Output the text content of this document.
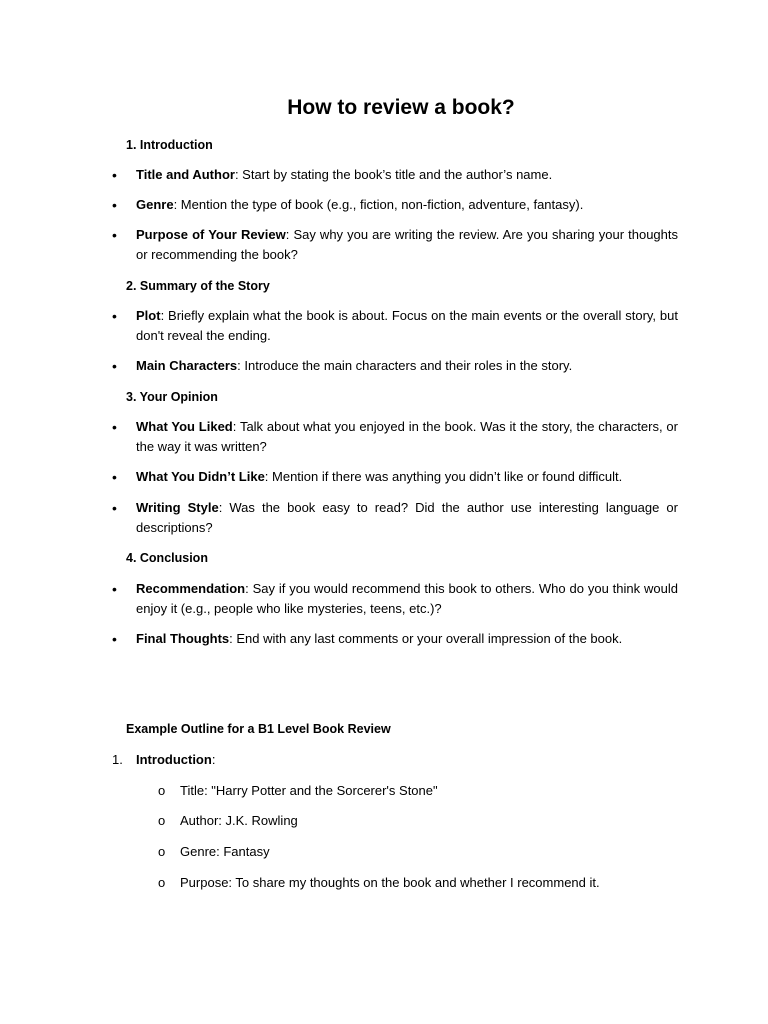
How to review a book?
1. Introduction
• Title and Author: Start by stating the book’s title and the author’s name.
• Genre: Mention the type of book (e.g., fiction, non-fiction, adventure, fantasy).
• Purpose of Your Review: Say why you are writing the review. Are you sharing your thoughts or recommending the book?
2. Summary of the Story
• Plot: Briefly explain what the book is about. Focus on the main events or the overall story, but don't reveal the ending.
• Main Characters: Introduce the main characters and their roles in the story.
3. Your Opinion
• What You Liked: Talk about what you enjoyed in the book. Was it the story, the characters, or the way it was written?
• What You Didn’t Like: Mention if there was anything you didn’t like or found difficult.
• Writing Style: Was the book easy to read? Did the author use interesting language or descriptions?
4. Conclusion
• Recommendation: Say if you would recommend this book to others. Who do you think would enjoy it (e.g., people who like mysteries, teens, etc.)?
• Final Thoughts: End with any last comments or your overall impression of the book.
Example Outline for a B1 Level Book Review
1. Introduction:
o Title: "Harry Potter and the Sorcerer's Stone"
o Author: J.K. Rowling
o Genre: Fantasy
o Purpose: To share my thoughts on the book and whether I recommend it.
